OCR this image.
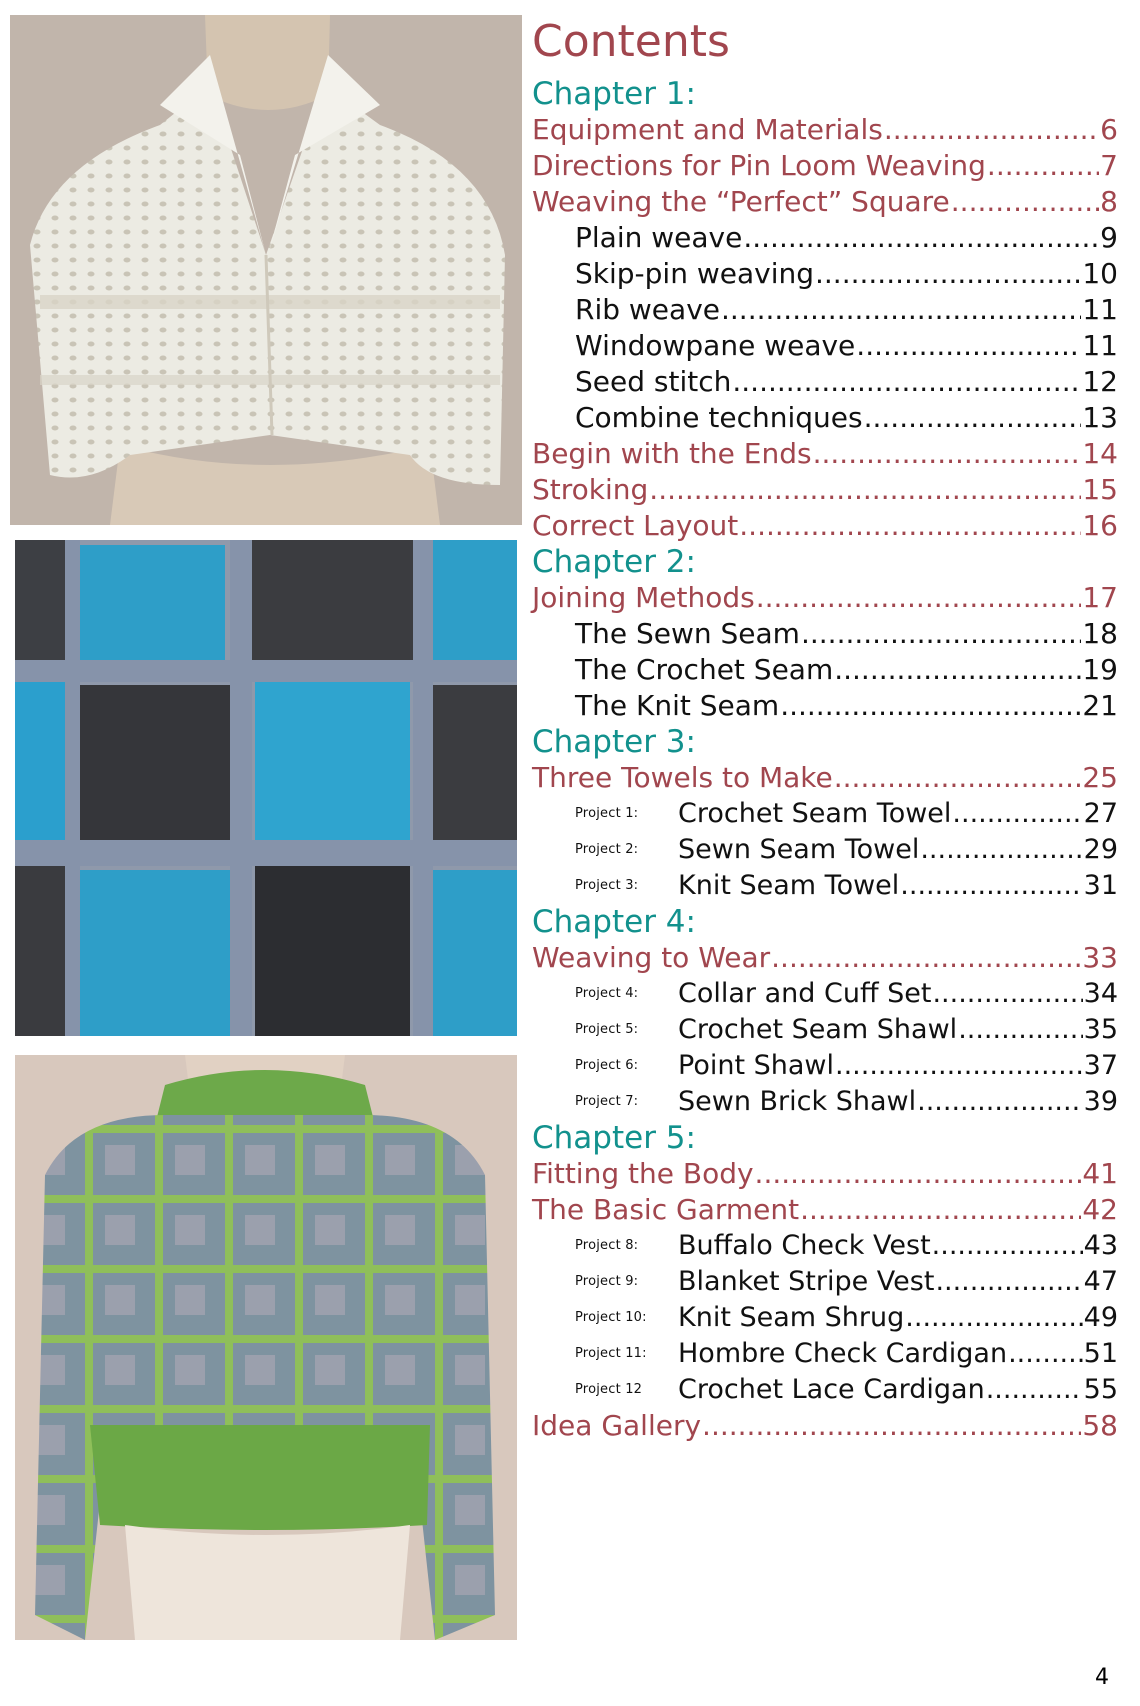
Contents
Chapter 1:
Equipment and Materials .....	6
Directions for Pin Loom Weaving .....	7
Weaving the “Perfect” Square .....	8
Plain weave .....	9
Skip-pin weaving .....	10
Rib weave .....	11
Windowpane weave .....	11
Seed stitch .....	12
Combine techniques .....	13
Begin with the Ends .....	14
Stroking .....	15
Correct Layout .....	16
Chapter 2:
Joining Methods .....	17
The Sewn Seam .....	18
The Crochet Seam .....	19
The Knit Seam .....	21
Chapter 3:
Three Towels to Make .....	25
Project 1:	Crochet Seam Towel .....	27
Project 2:	Sewn Seam Towel .....	29
Project 3:	Knit Seam Towel .....	31
Chapter 4:
Weaving to Wear .....	33
Project 4:	Collar and Cuff Set .....	34
Project 5:	Crochet Seam Shawl .....	35
Project 6:	Point Shawl .....	37
Project 7:	Sewn Brick Shawl .....	39
Chapter 5:
Fitting the Body .....	41
The Basic Garment .....	42
Project 8:	Buffalo Check Vest .....	43
Project 9:	Blanket Stripe Vest .....	47
Project 10:	Knit Seam Shrug .....	49
Project 11:	Hombre Check Cardigan .....	51
Project 12	Crochet Lace Cardigan .....	55
Idea Gallery .....	58
4
